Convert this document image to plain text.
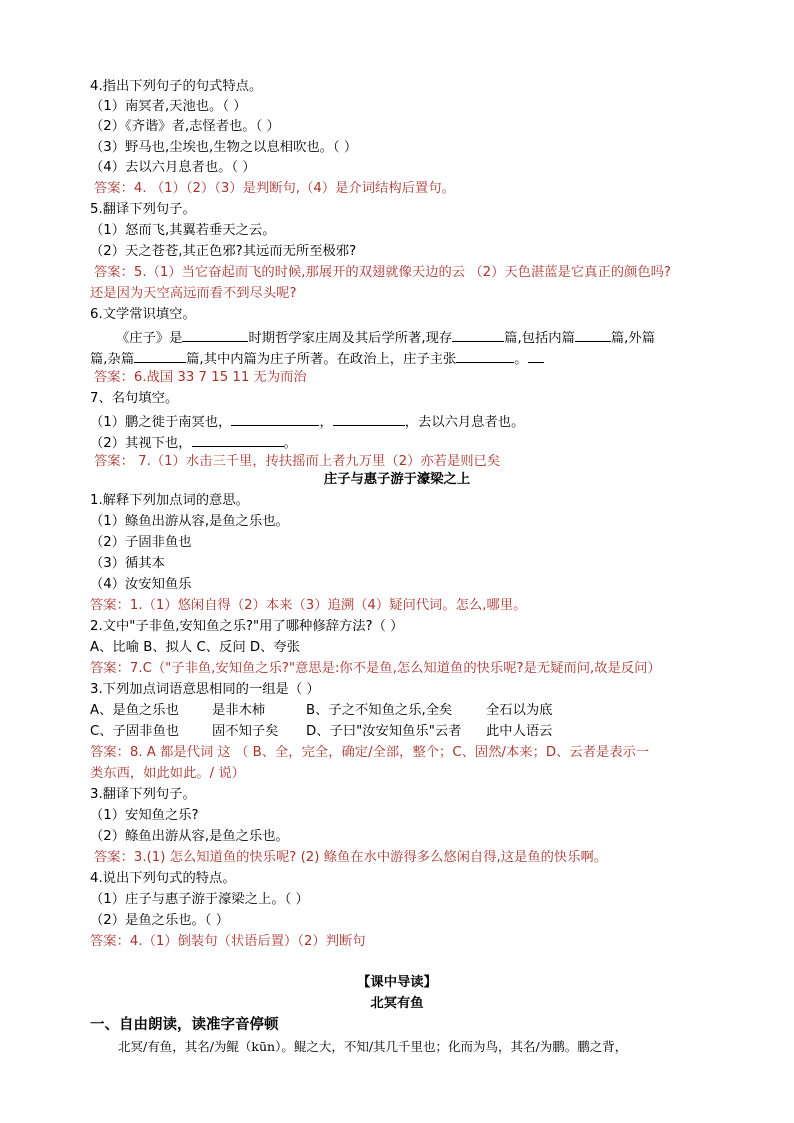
4.指出下列句子的句式特点。
（1）南冥者,天池也。（ ）
（2）《齐谐》者,志怪者也。（ ）
（3）野马也,尘埃也,生物之以息相吹也。（ ）
（4）去以六月息者也。（ ）
答案：4. （1）（2）（3）是判断句,（4）是介词结构后置句。
5.翻译下列句子。
（1）怒而飞,其翼若垂天之云。
（2）天之苍苍,其正色邪?其远而无所至极邪?
答案：5.（1）当它奋起而飞的时候,那展开的双翅就像天边的云 （2）天色湛蓝是它真正的颜色吗?
还是因为天空高远而看不到尽头呢?
6.文学常识填空。
《庄子》是	时期哲学家庄周及其后学所著,现存	篇,包括内篇	篇,外篇
篇,杂篇	篇,其中内篇为庄子所著。在政治上，庄子主张	。
答案：6.战国 33 7 15 11 无为而治
7、名句填空。
（1）鹏之徙于南冥也，	，	，去以六月息者也。
（2）其视下也，	。
答案： 7.（1）水击三千里，抟扶摇而上者九万里（2）亦若是则已矣
庄子与惠子游于濠梁之上
1.解释下列加点词的意思。
（1）鲦鱼出游从容,是鱼之乐也。
（2）子固非鱼也
（3）循其本
（4）汝安知鱼乐
答案：1.（1）悠闲自得（2）本来（3）追溯（4）疑问代词。怎么,哪里。
2.文中"子非鱼,安知鱼之乐?"用了哪种修辞方法?（ ）
A、比喻 B、拟人 C、反问 D、夸张
答案：7.C（"子非鱼,安知鱼之乐?"意思是:你不是鱼,怎么知道鱼的快乐呢?是无疑而问,故是反问）
3.下列加点词语意思相同的一组是（ ）
A、是鱼之乐也 是非木柿	B、子之不知鱼之乐,全矣	全石以为底
C、子固非鱼也 固不知子矣 D、子曰"汝安知鱼乐"云者 此中人语云
答案：8. A 都是代词 这 （ B、全，完全，确定/全部，整个；C、固然/本来；D、云者是表示一
类东西，如此如此。/ 说）
3.翻译下列句子。
（1）安知鱼之乐?
（2）鲦鱼出游从容,是鱼之乐也。
答案：3.(1) 怎么知道鱼的快乐呢? (2) 鲦鱼在水中游得多么悠闲自得,这是鱼的快乐啊。
4.说出下列句式的特点。
（1）庄子与惠子游于濠梁之上。（ ）
（2）是鱼之乐也。（ ）
答案：4.（1）倒装句（状语后置）（2）判断句
【课中导读】
北冥有鱼
一、自由朗读，读准字音停顿
北冥/有鱼，其名/为鲲（kūn）。鲲之大，不知/其几千里也；化而为鸟，其名/为鹏。鹏之背，
